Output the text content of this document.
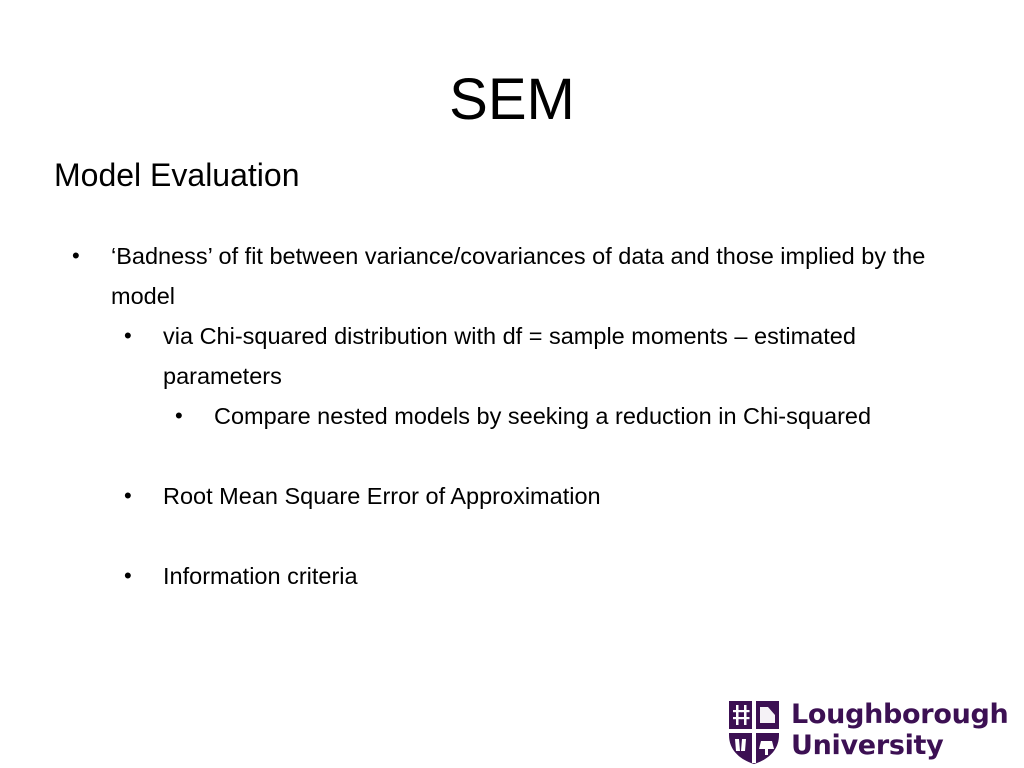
SEM
Model Evaluation
• ‘Badness’ of fit between variance/covariances of data and those implied by the model
• via Chi-squared distribution with df = sample moments – estimated parameters
• Compare nested models by seeking a reduction in Chi-squared
• Root Mean Square Error of Approximation
• Information criteria
Loughborough
University
